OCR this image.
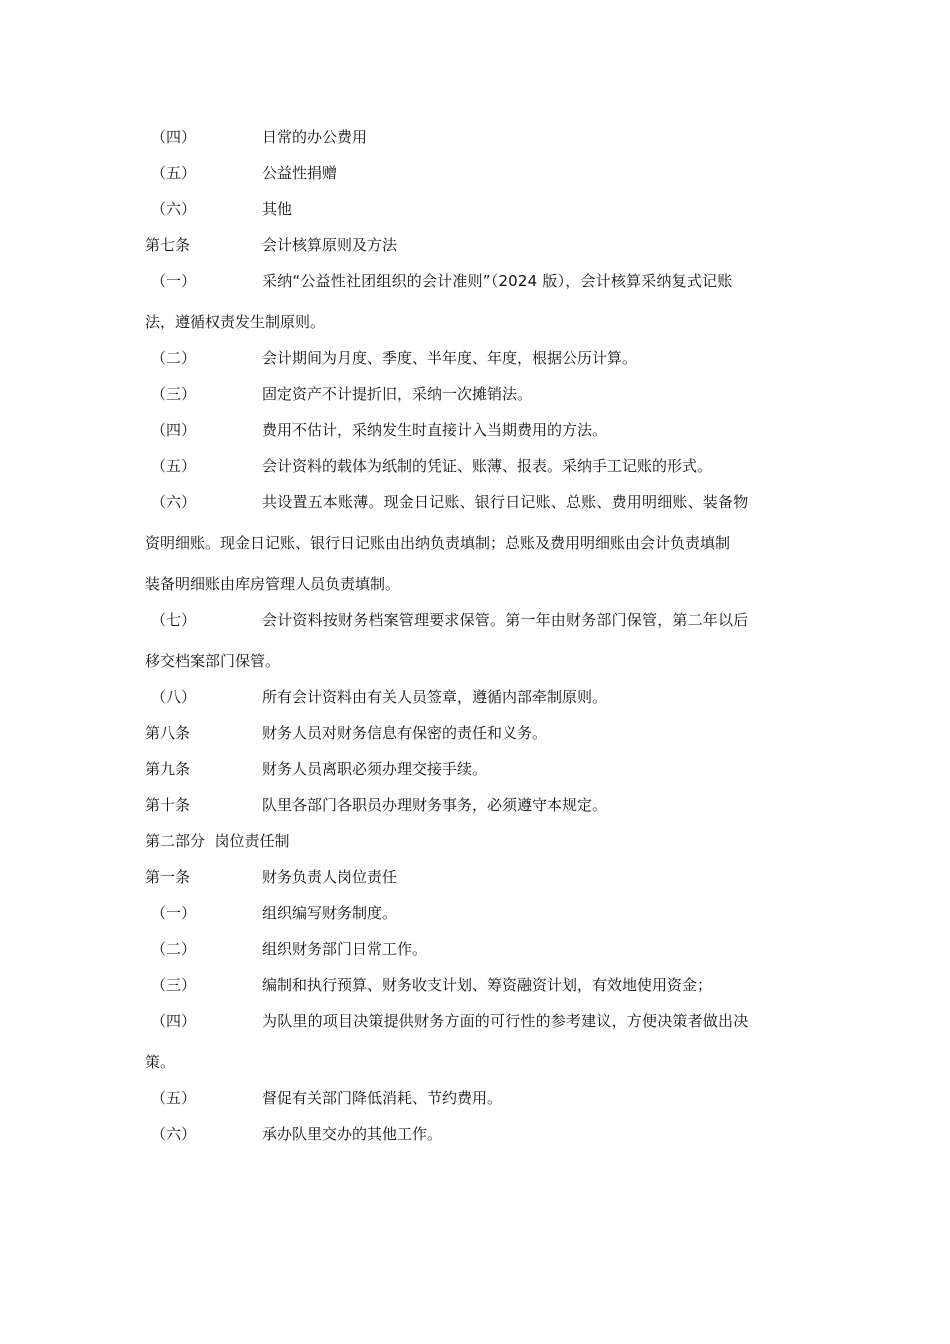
（四）	日常的办公费用
（五）	公益性捐赠
（六）	其他
第七条	会计核算原则及方法
（一）	采纳“公益性社团组织的会计准则”（2024 版），会计核算采纳复式记账
法，遵循权责发生制原则。
（二）	会计期间为月度、季度、半年度、年度，根据公历计算。
（三）	固定资产不计提折旧，采纳一次摊销法。
（四）	费用不估计，采纳发生时直接计入当期费用的方法。
（五）	会计资料的载体为纸制的凭证、账薄、报表。采纳手工记账的形式。
（六）	共设置五本账薄。现金日记账、银行日记账、总账、费用明细账、装备物
资明细账。现金日记账、银行日记账由出纳负责填制；总账及费用明细账由会计负责填制
装备明细账由库房管理人员负责填制。
（七）	会计资料按财务档案管理要求保管。第一年由财务部门保管，第二年以后
移交档案部门保管。
（八）	所有会计资料由有关人员签章，遵循内部牵制原则。
第八条	财务人员对财务信息有保密的责任和义务。
第九条	财务人员离职必须办理交接手续。
第十条	队里各部门各职员办理财务事务，必须遵守本规定。
第二部分  岗位责任制
第一条	财务负责人岗位责任
（一）	组织编写财务制度。
（二）	组织财务部门日常工作。
（三）	编制和执行预算、财务收支计划、筹资融资计划，有效地使用资金；
（四）	为队里的项目决策提供财务方面的可行性的参考建议，方便决策者做出决
策。
（五）	督促有关部门降低消耗、节约费用。
（六）	承办队里交办的其他工作。
